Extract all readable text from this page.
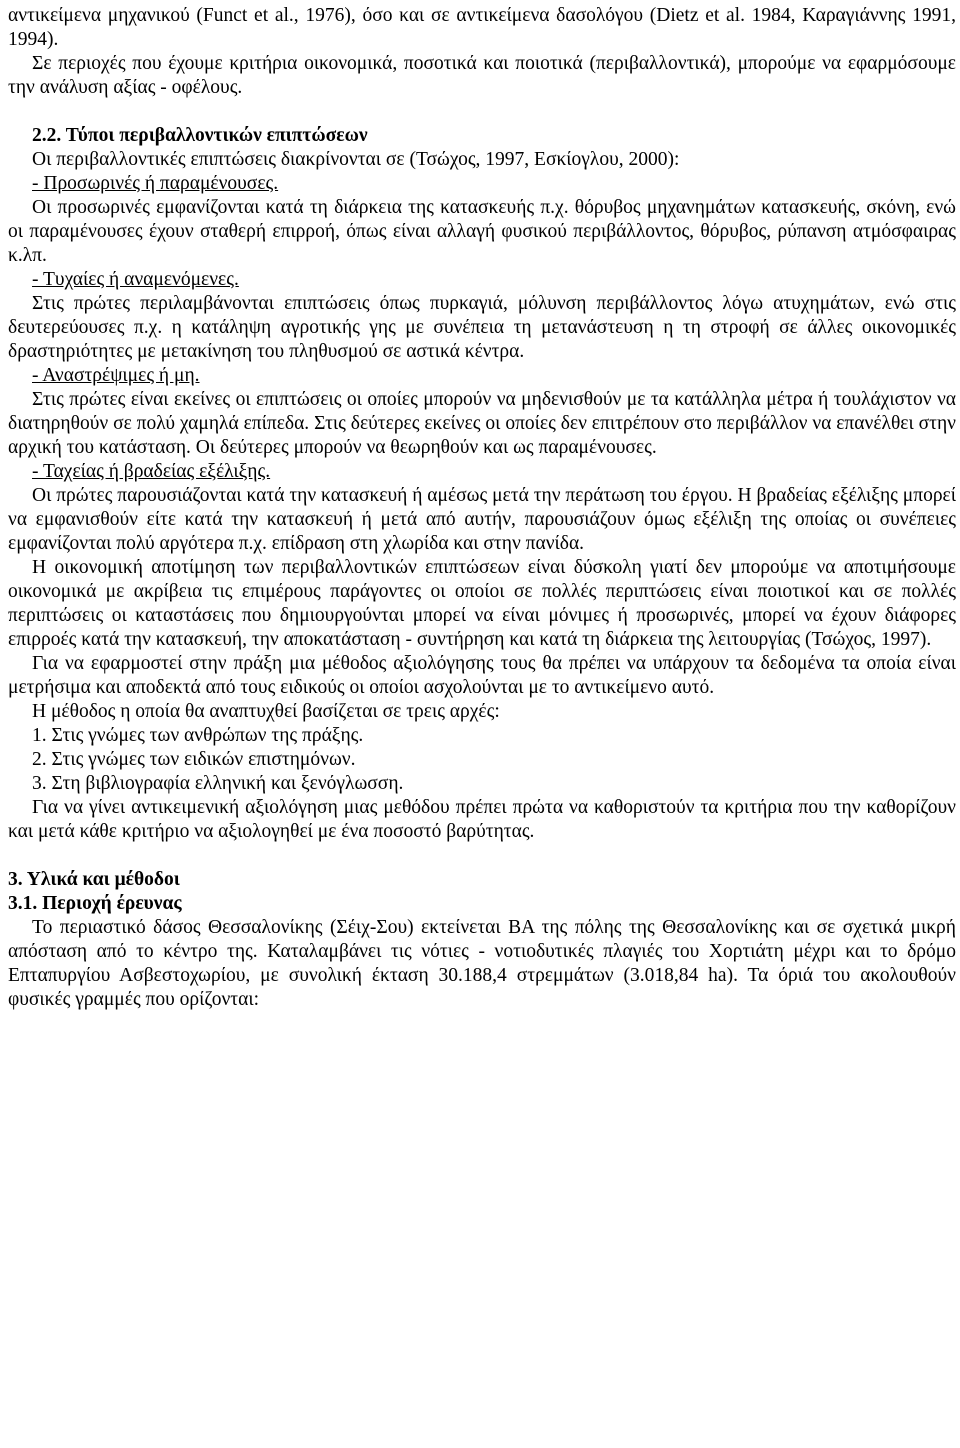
αντικείμενα μηχανικού (Funct et al., 1976), όσο και σε αντικείμενα δασολόγου (Dietz et al. 1984, Καραγιάννης 1991, 1994).

Σε περιοχές που έχουμε κριτήρια οικονομικά, ποσοτικά και ποιοτικά (περιβαλλοντικά), μπορούμε να εφαρμόσουμε την ανάλυση αξίας - οφέλους.

2.2. Τύποι περιβαλλοντικών επιπτώσεων

Οι περιβαλλοντικές επιπτώσεις διακρίνονται σε (Τσώχος, 1997, Εσκίογλου, 2000):

- Προσωρινές ή παραμένουσες.

Οι προσωρινές εμφανίζονται κατά τη διάρκεια της κατασκευής π.χ. θόρυβος μηχανημάτων κατασκευής, σκόνη, ενώ οι παραμένουσες έχουν σταθερή επιρροή, όπως είναι αλλαγή φυσικού περιβάλλοντος, θόρυβος, ρύπανση ατμόσφαιρας κ.λπ.

- Τυχαίες ή αναμενόμενες.

Στις πρώτες περιλαμβάνονται επιπτώσεις όπως πυρκαγιά, μόλυνση περιβάλλοντος λόγω ατυχημάτων, ενώ στις δευτερεύουσες π.χ. η κατάληψη αγροτικής γης με συνέπεια τη μετανάστευση η τη στροφή σε άλλες οικονομικές δραστηριότητες με μετακίνηση του πληθυσμού σε αστικά κέντρα.

- Αναστρέψιμες ή μη.

Στις πρώτες είναι εκείνες οι επιπτώσεις οι οποίες μπορούν να μηδενισθούν με τα κατάλληλα μέτρα ή τουλάχιστον να διατηρηθούν σε πολύ χαμηλά επίπεδα. Στις δεύτερες εκείνες οι οποίες δεν επιτρέπουν στο περιβάλλον να επανέλθει στην αρχική του κατάσταση. Οι δεύτερες μπορούν να θεωρηθούν και ως παραμένουσες.

- Ταχείας ή βραδείας εξέλιξης.

Οι πρώτες παρουσιάζονται κατά την κατασκευή ή αμέσως μετά την περάτωση του έργου. Η βραδείας εξέλιξης μπορεί να εμφανισθούν είτε κατά την κατασκευή ή μετά από αυτήν, παρουσιάζουν όμως εξέλιξη της οποίας οι συνέπειες εμφανίζονται πολύ αργότερα π.χ. επίδραση στη χλωρίδα και στην πανίδα.

Η οικονομική αποτίμηση των περιβαλλοντικών επιπτώσεων είναι δύσκολη γιατί δεν μπορούμε να αποτιμήσουμε οικονομικά με ακρίβεια τις επιμέρους παράγοντες οι οποίοι σε πολλές περιπτώσεις είναι ποιοτικοί και σε πολλές περιπτώσεις οι καταστάσεις που δημιουργούνται μπορεί να είναι μόνιμες ή προσωρινές, μπορεί να έχουν διάφορες επιρροές κατά την κατασκευή, την αποκατάσταση - συντήρηση και κατά τη διάρκεια της λειτουργίας (Τσώχος, 1997).

Για να εφαρμοστεί στην πράξη μια μέθοδος αξιολόγησης τους θα πρέπει να υπάρχουν τα δεδομένα τα οποία είναι μετρήσιμα και αποδεκτά από τους ειδικούς οι οποίοι ασχολούνται με το αντικείμενο αυτό.

Η μέθοδος η οποία θα αναπτυχθεί βασίζεται σε τρεις αρχές:

1. Στις γνώμες των ανθρώπων της πράξης.

2. Στις γνώμες των ειδικών επιστημόνων.

3. Στη βιβλιογραφία ελληνική και ξενόγλωσση.

Για να γίνει αντικειμενική αξιολόγηση μιας μεθόδου πρέπει πρώτα να καθοριστούν τα κριτήρια που την καθορίζουν και μετά κάθε κριτήριο να αξιολογηθεί με ένα ποσοστό βαρύτητας.

3. Υλικά και μέθοδοι
3.1. Περιοχή έρευνας

Το περιαστικό δάσος Θεσσαλονίκης (Σέιχ-Σου) εκτείνεται ΒΑ της πόλης της Θεσσαλονίκης και σε σχετικά μικρή απόσταση από το κέντρο της. Καταλαμβάνει τις νότιες - νοτιοδυτικές πλαγιές του Χορτιάτη μέχρι και το δρόμο Επταπυργίου Ασβεστοχωρίου, με συνολική έκταση 30.188,4 στρεμμάτων (3.018,84 ha). Τα όριά του ακολουθούν φυσικές γραμμές που ορίζονται:
